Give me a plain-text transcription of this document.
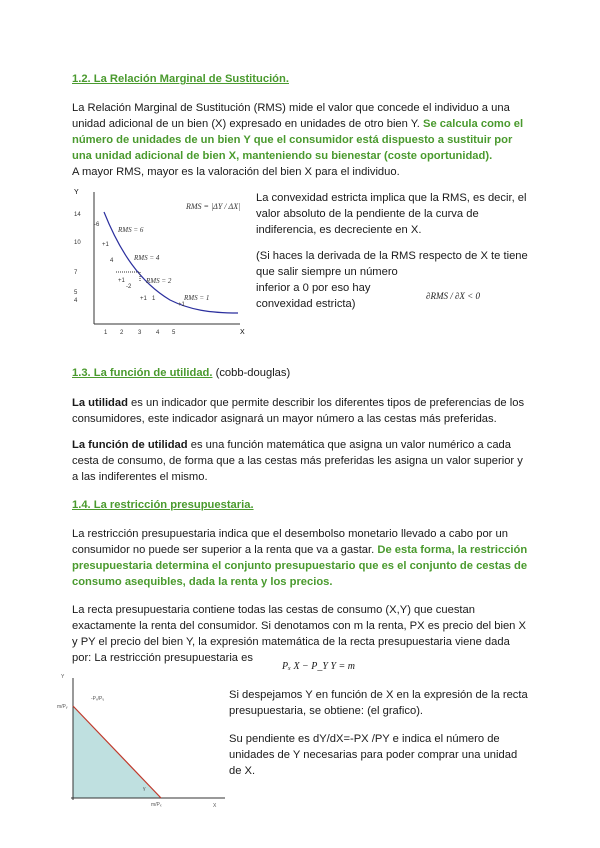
1.2. La Relación Marginal de Sustitución.
La Relación Marginal de Sustitución (RMS) mide el valor que concede el individuo a una
unidad adicional de un bien (X) expresado en unidades de otro bien Y. Se calcula como el
número de unidades de un bien Y que el consumidor está dispuesto a sustituir por
una unidad adicional de bien X, manteniendo su bienestar (coste oportunidad).
A mayor RMS, mayor es la valoración del bien X para el individuo.
Y
X
14
10
7
5
4
1 2 3 4 5
-6
+1
4
+1
-2
+1 1
+1
RMS = 6
RMS = 4
RMS = 2
RMS = 1
RMS = |ΔY / ΔX|
La convexidad estricta implica que la RMS, es decir, el
valor absoluto de la pendiente de la curva de
indiferencia, es decreciente en X.
(Si haces la derivada de la RMS respecto de X te tiene
que salir siempre un número
inferior a 0 por eso hay
convexidad estricta)
∂RMS / ∂X < 0
1.3. La función de utilidad. (cobb-douglas)
La utilidad es un indicador que permite describir los diferentes tipos de preferencias de los
consumidores, este indicador asignará un mayor número a las cestas más preferidas.
La función de utilidad es una función matemática que asigna un valor numérico a cada
cesta de consumo, de forma que a las cestas más preferidas les asigna un valor superior y
a las indiferentes el mismo.
1.4. La restricción presupuestaria.
La restricción presupuestaria indica que el desembolso monetario llevado a cabo por un
consumidor no puede ser superior a la renta que va a gastar. De esta forma, la restricción
presupuestaria determina el conjunto presupuestario que es el conjunto de cestas de
consumo asequibles, dada la renta y los precios.
La recta presupuestaria contiene todas las cestas de consumo (X,Y) que cuestan
exactamente la renta del consumidor. Si denotamos con m la renta, PX es precio del bien X
y PY el precio del bien Y, la expresión matemática de la recta presupuestaria viene dada
por: La restricción presupuestaria es
Pₓ X − P_Y Y = m
Y
X
m/Pᵧ
m/Pₓ
-Pₓ/Pᵧ
γ
Si despejamos Y en función de X en la expresión de la recta
presupuestaria, se obtiene: (el grafico).
Su pendiente es dY/dX=-PX /PY e indica el número de
unidades de Y necesarias para poder comprar una unidad
de X.
